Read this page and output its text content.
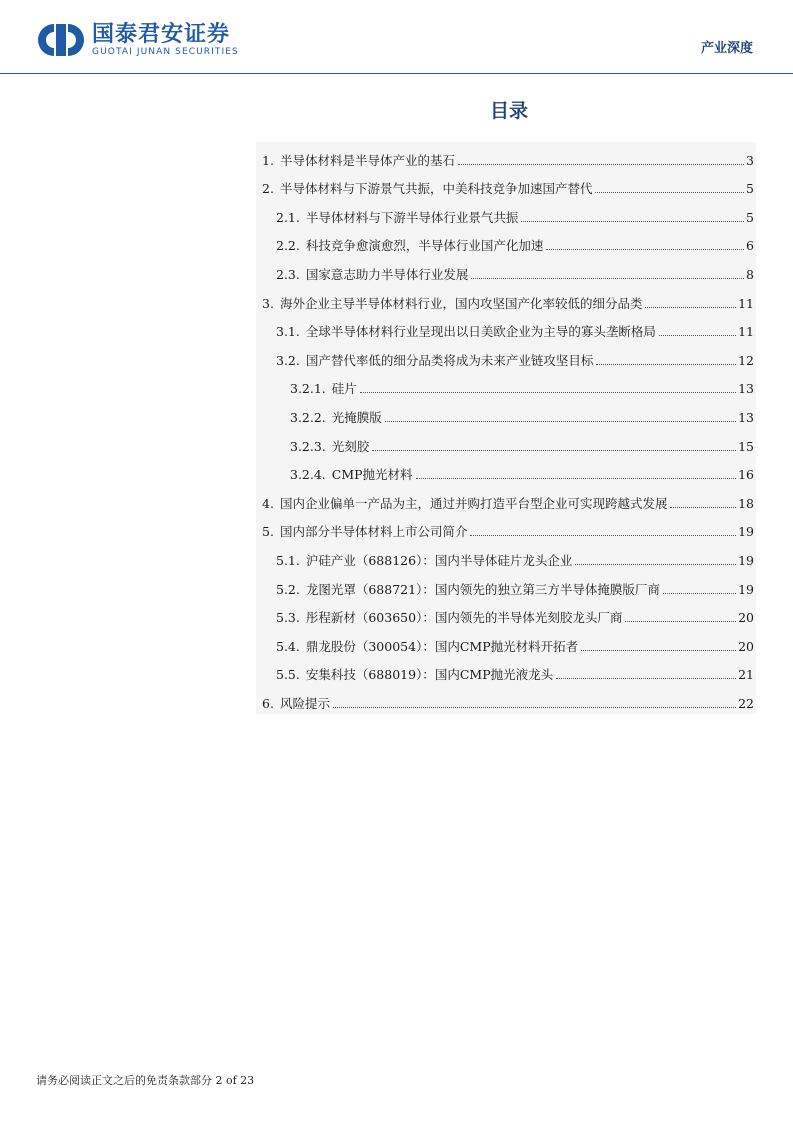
国泰君安证券
GUOTAI JUNAN SECURITIES	产业深度
目录
1. 半导体材料是半导体产业的基石	3
2. 半导体材料与下游景气共振，中美科技竞争加速国产替代	5
2.1. 半导体材料与下游半导体行业景气共振	5
2.2. 科技竞争愈演愈烈，半导体行业国产化加速	6
2.3. 国家意志助力半导体行业发展	8
3. 海外企业主导半导体材料行业，国内攻坚国产化率较低的细分品类	11
3.1. 全球半导体材料行业呈现出以日美欧企业为主导的寡头垄断格局	11
3.2. 国产替代率低的细分品类将成为未来产业链攻坚目标	12
3.2.1. 硅片	13
3.2.2. 光掩膜版	13
3.2.3. 光刻胶	15
3.2.4. CMP抛光材料	16
4. 国内企业偏单一产品为主，通过并购打造平台型企业可实现跨越式发展	18
5. 国内部分半导体材料上市公司简介	19
5.1. 沪硅产业（688126）：国内半导体硅片龙头企业	19
5.2. 龙图光罩（688721）：国内领先的独立第三方半导体掩膜版厂商	19
5.3. 彤程新材（603650）：国内领先的半导体光刻胶龙头厂商	20
5.4. 鼎龙股份（300054）：国内CMP抛光材料开拓者	20
5.5. 安集科技（688019）：国内CMP抛光液龙头	21
6. 风险提示	22
请务必阅读正文之后的免责条款部分 2 of 23
